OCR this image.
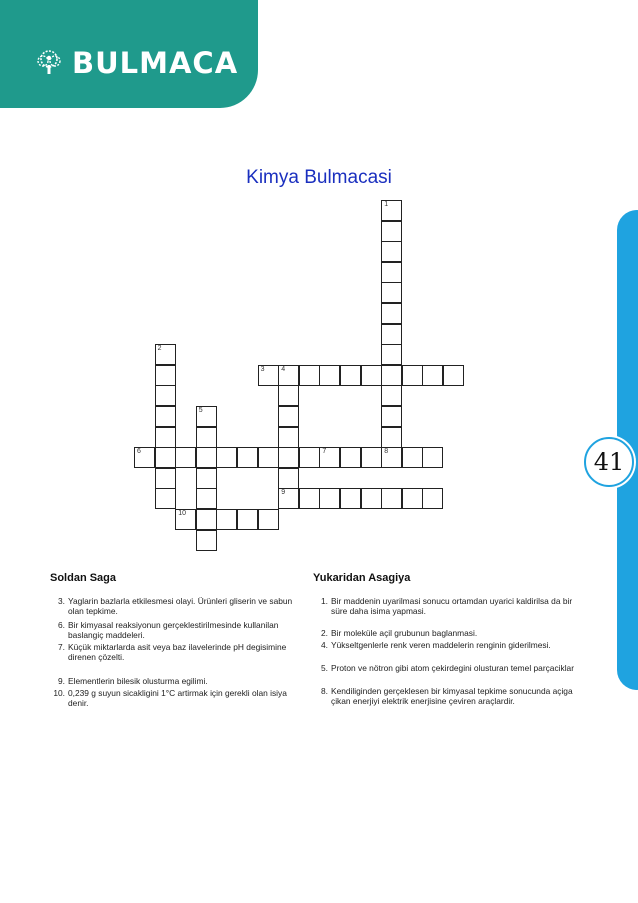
BULMACA
41
Kimya Bulmacasi
1
2
3 4
5
6	7	8
9
10
Soldan Saga
3. Yaglarin bazlarla etkilesmesi olayi. Ürünleri gliserin ve sabun olan tepkime.
6. Bir kimyasal reaksiyonun gerçeklestirilmesinde kullanilan baslangiç maddeleri.
7. Küçük miktarlarda asit veya baz ilavelerinde pH degisimine direnen çözelti.
9. Elementlerin bilesik olusturma egilimi.
10. 0,239 g suyun sicakligini 1°C artirmak için gerekli olan isiya denir.
Yukaridan Asagiya
1. Bir maddenin uyarilmasi sonucu ortamdan uyarici kaldirilsa da bir süre daha isima yapmasi.
2. Bir moleküle açil grubunun baglanmasi.
4. Yükseltgenlerle renk veren maddelerin renginin giderilmesi.
5. Proton ve nötron gibi atom çekirdegini olusturan temel parçaciklar
8. Kendiliginden gerçeklesen bir kimyasal tepkime sonucunda açiga çikan enerjiyi elektrik enerjisine çeviren araçlardir.
